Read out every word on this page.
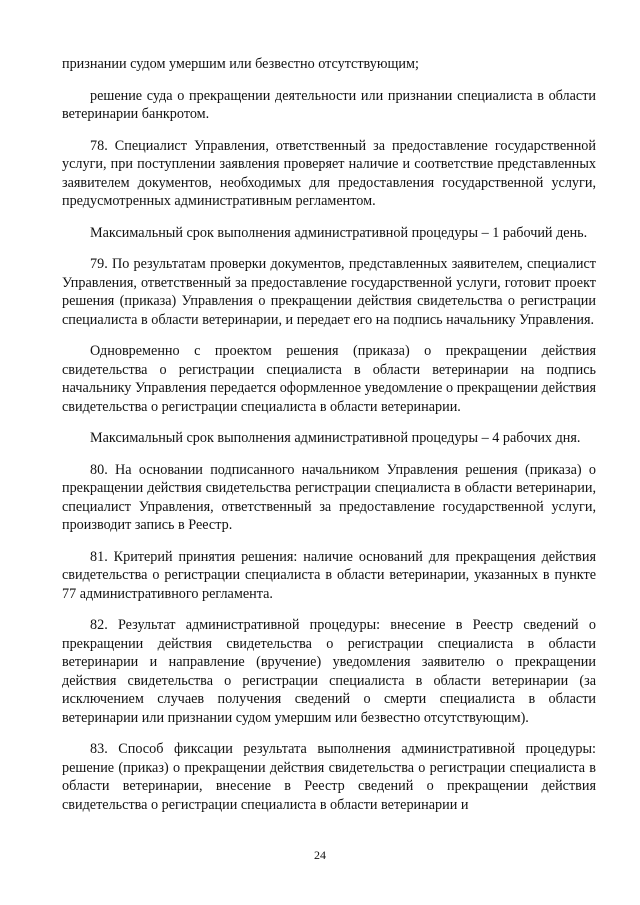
признании судом умершим или безвестно отсутствующим;

решение суда о прекращении деятельности или признании специалиста в области ветеринарии банкротом.

78. Специалист Управления, ответственный за предоставление государственной услуги, при поступлении заявления проверяет наличие и соответствие представленных заявителем документов, необходимых для предоставления государственной услуги, предусмотренных административным регламентом.

Максимальный срок выполнения административной процедуры – 1 рабочий день.

79. По результатам проверки документов, представленных заявителем, специалист Управления, ответственный за предоставление государственной услуги, готовит проект решения (приказа) Управления о прекращении действия свидетельства о регистрации специалиста в области ветеринарии, и передает его на подпись начальнику Управления.

Одновременно с проектом решения (приказа) о прекращении действия свидетельства о регистрации специалиста в области ветеринарии на подпись начальнику Управления передается оформленное уведомление о прекращении действия свидетельства о регистрации специалиста в области ветеринарии.

Максимальный срок выполнения административной процедуры – 4 рабочих дня.

80. На основании подписанного начальником Управления решения (приказа) о прекращении действия свидетельства регистрации специалиста в области ветеринарии, специалист Управления, ответственный за предоставление государственной услуги, производит запись в Реестр.

81. Критерий принятия решения: наличие оснований для прекращения действия свидетельства о регистрации специалиста в области ветеринарии, указанных в пункте 77 административного регламента.

82. Результат административной процедуры: внесение в Реестр сведений о прекращении действия свидетельства о регистрации специалиста в области ветеринарии и направление (вручение) уведомления заявителю о прекращении действия свидетельства о регистрации специалиста в области ветеринарии (за исключением случаев получения сведений о смерти специалиста в области ветеринарии или признании судом умершим или безвестно отсутствующим).

83. Способ фиксации результата выполнения административной процедуры: решение (приказ) о прекращении действия свидетельства о регистрации специалиста в области ветеринарии, внесение в Реестр сведений о прекращении действия свидетельства о регистрации специалиста в области ветеринарии и

24
